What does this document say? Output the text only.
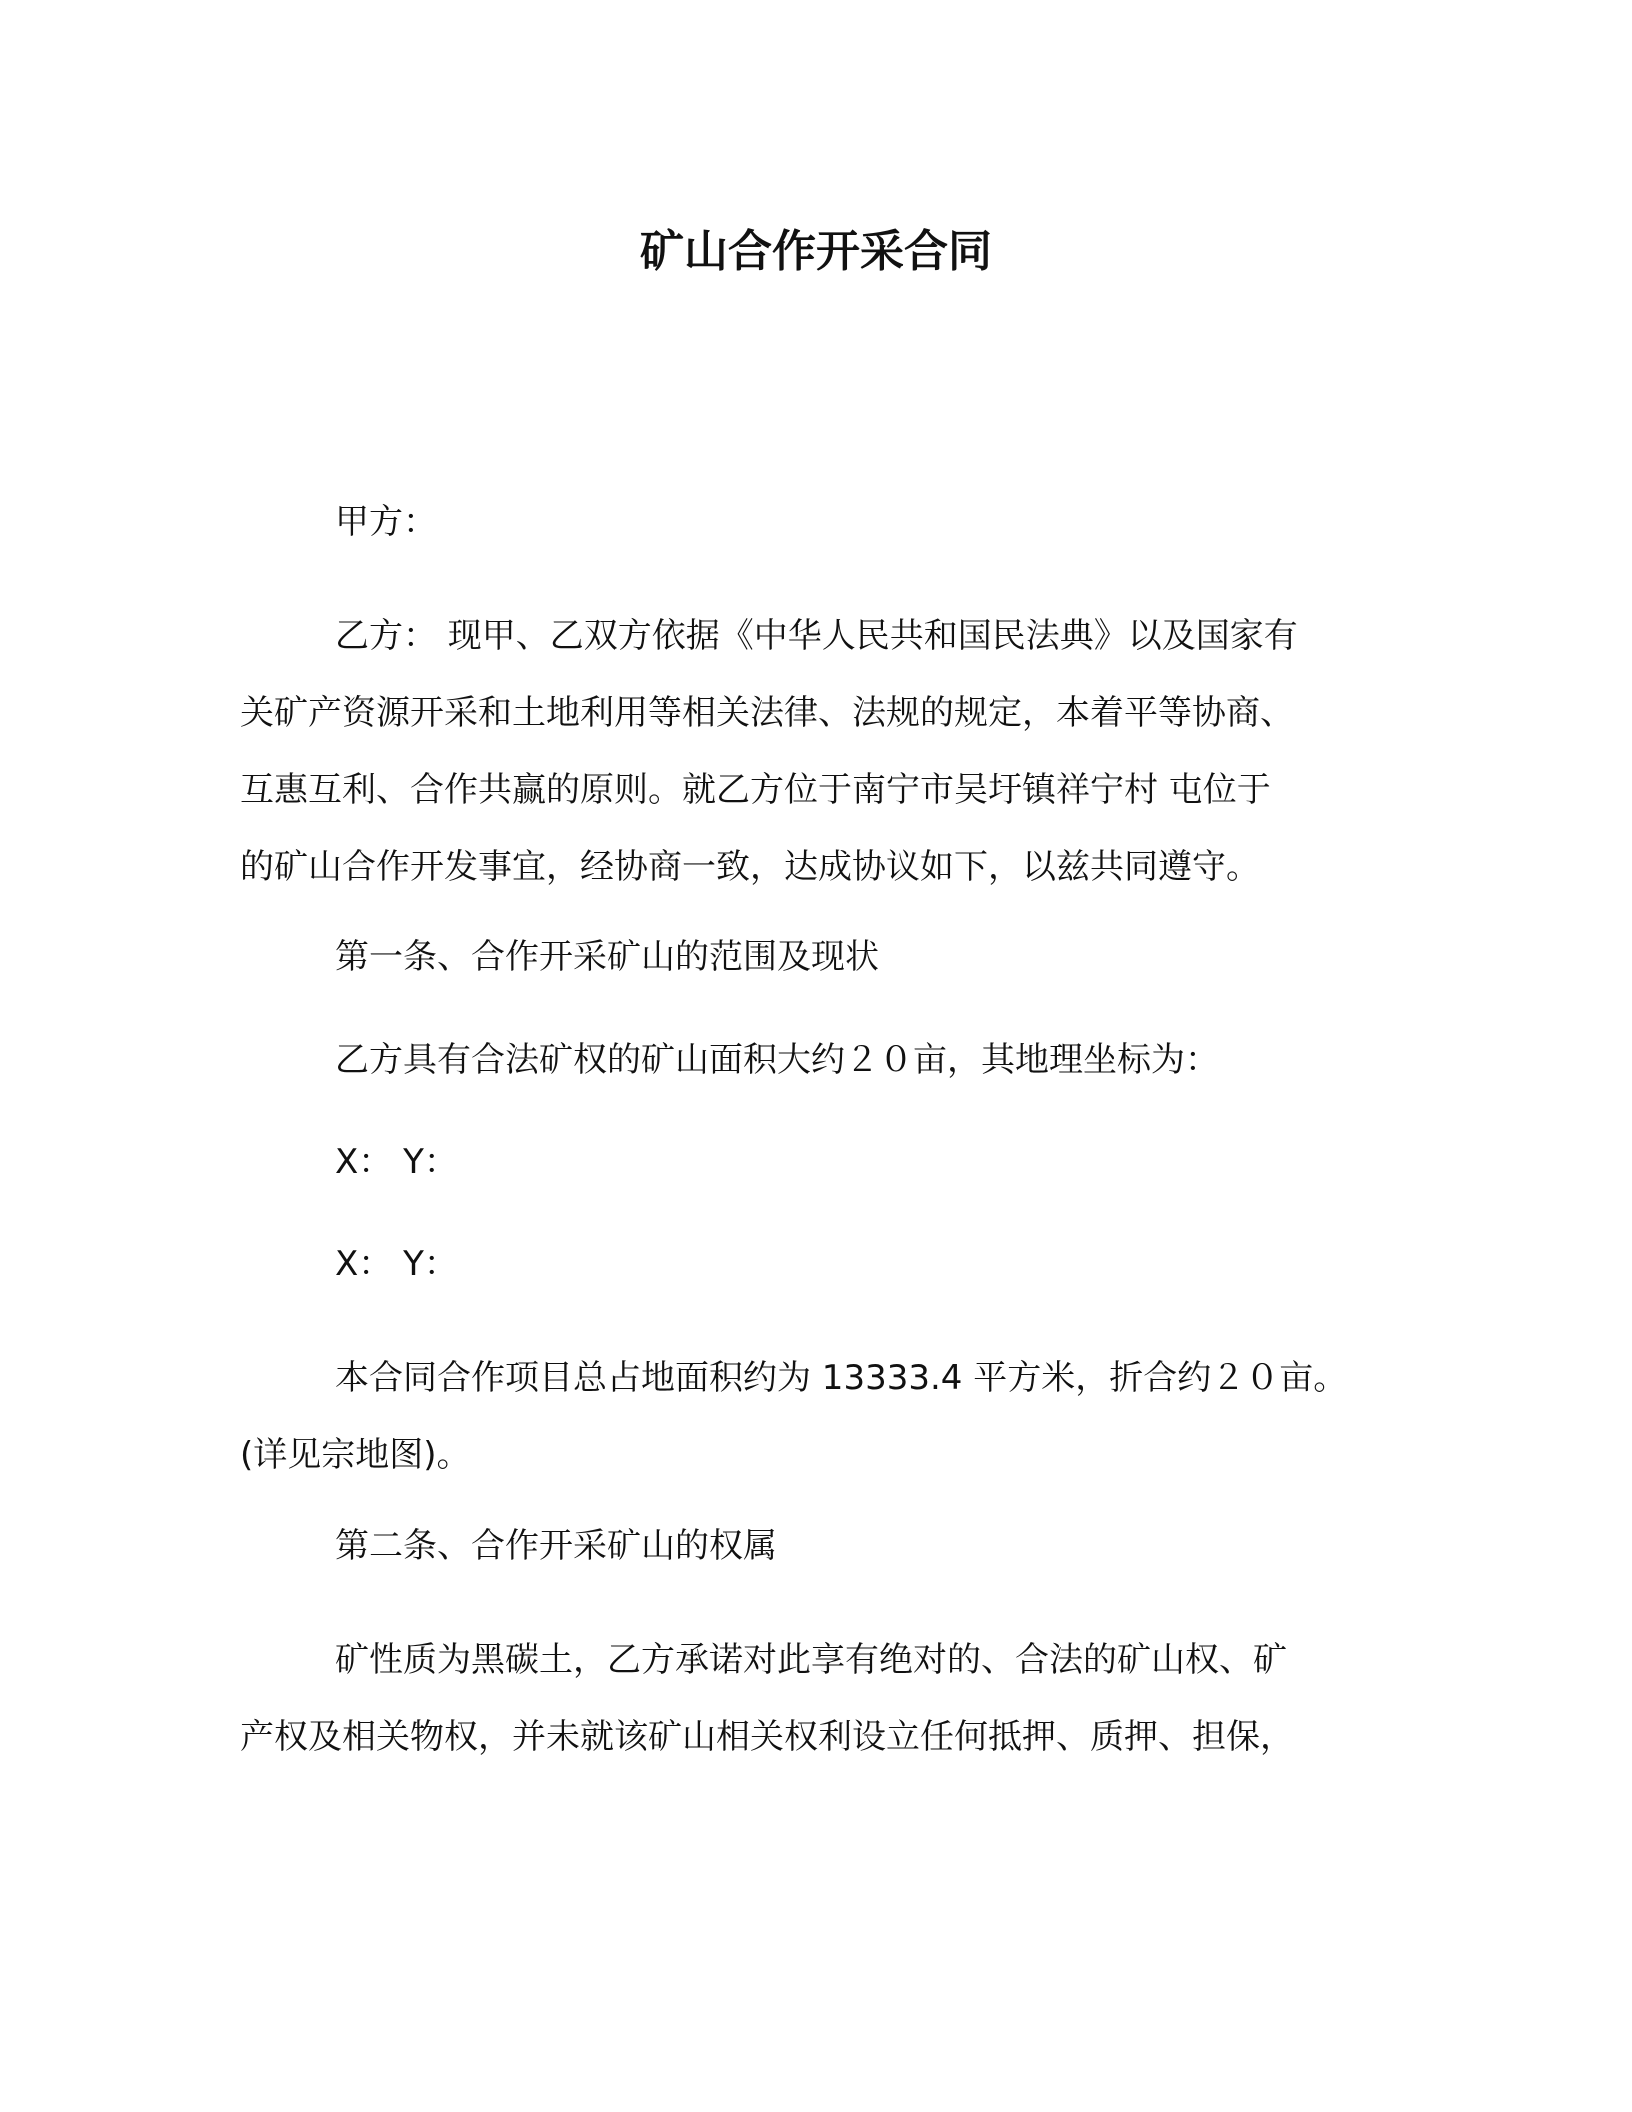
矿山合作开采合同
甲方：
乙方： 现甲、乙双方依据《中华人民共和国民法典》以及国家有
关矿产资源开采和土地利用等相关法律、法规的规定，本着平等协商、
互惠互利、合作共赢的原则。就乙方位于南宁市吴圩镇祥宁村 屯位于
的矿山合作开发事宜，经协商一致，达成协议如下，以兹共同遵守。
第一条、合作开采矿山的范围及现状
乙方具有合法矿权的矿山面积大约２０亩，其地理坐标为：
X： Y：
X： Y：
本合同合作项目总占地面积约为 13333.4 平方米，折合约２０亩。
(详见宗地图)。
第二条、合作开采矿山的权属
矿性质为黑碳土，乙方承诺对此享有绝对的、合法的矿山权、矿
产权及相关物权，并未就该矿山相关权利设立任何抵押、质押、担保，
